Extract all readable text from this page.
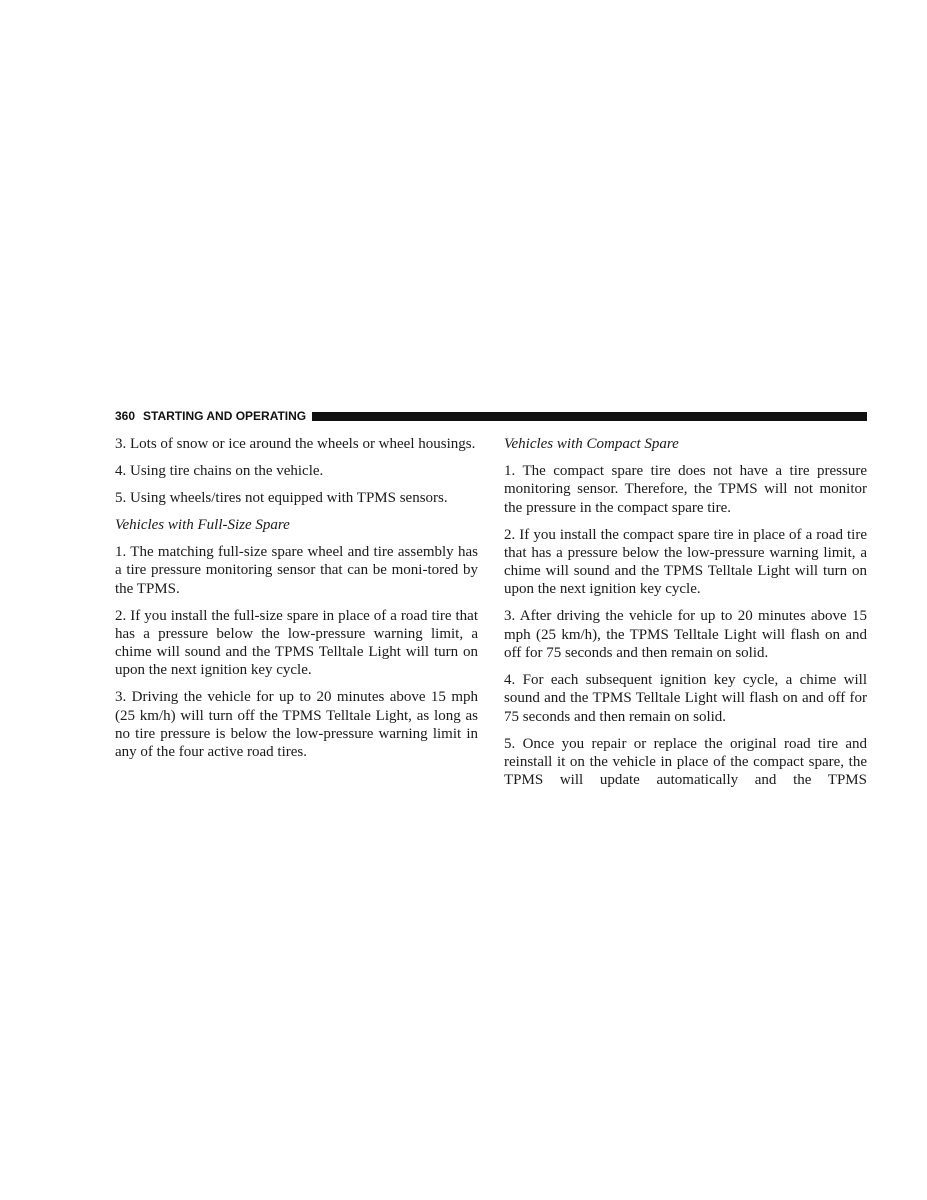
360 STARTING AND OPERATING

3. Lots of snow or ice around the wheels or wheel housings.

4. Using tire chains on the vehicle.

5. Using wheels/tires not equipped with TPMS sensors.

Vehicles with Full-Size Spare

1. The matching full-size spare wheel and tire assembly has a tire pressure monitoring sensor that can be moni-tored by the TPMS.

2. If you install the full-size spare in place of a road tire that has a pressure below the low-pressure warning limit, a chime will sound and the TPMS Telltale Light will turn on upon the next ignition key cycle.

3. Driving the vehicle for up to 20 minutes above 15 mph (25 km/h) will turn off the TPMS Telltale Light, as long as no tire pressure is below the low-pressure warning limit in any of the four active road tires.

Vehicles with Compact Spare

1. The compact spare tire does not have a tire pressure monitoring sensor. Therefore, the TPMS will not monitor the pressure in the compact spare tire.

2. If you install the compact spare tire in place of a road tire that has a pressure below the low-pressure warning limit, a chime will sound and the TPMS Telltale Light will turn on upon the next ignition key cycle.

3. After driving the vehicle for up to 20 minutes above 15 mph (25 km/h), the TPMS Telltale Light will flash on and off for 75 seconds and then remain on solid.

4. For each subsequent ignition key cycle, a chime will sound and the TPMS Telltale Light will flash on and off for 75 seconds and then remain on solid.

5. Once you repair or replace the original road tire and reinstall it on the vehicle in place of the compact spare, the TPMS will update automatically and the TPMS
